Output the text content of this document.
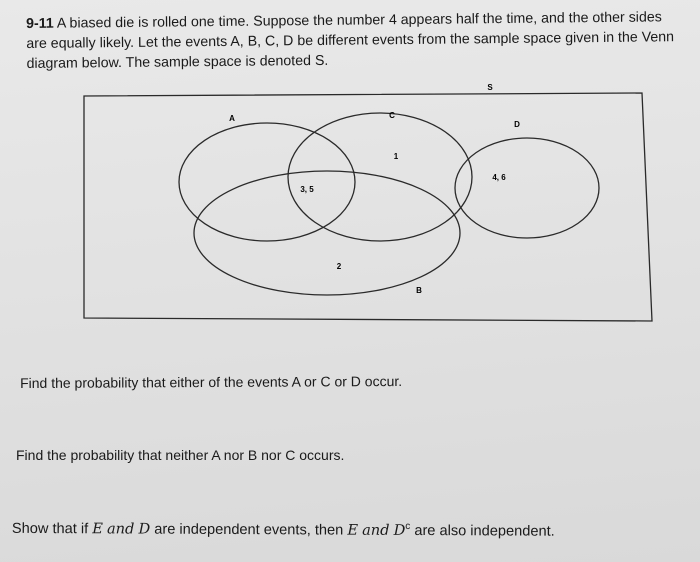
9-11 A biased die is rolled one time. Suppose the number 4 appears half the time, and the other sides are equally likely. Let the events A, B, C, D be different events from the sample space given in the Venn diagram below. The sample space is denoted S.
S
A	C
D
B
3, 5
1
2
4, 6
Find the probability that either of the events A or C or D occur.
Find the probability that neither A nor B nor C occurs.
Show that if E and D are independent events, then E and $D^c$ are also independent.
